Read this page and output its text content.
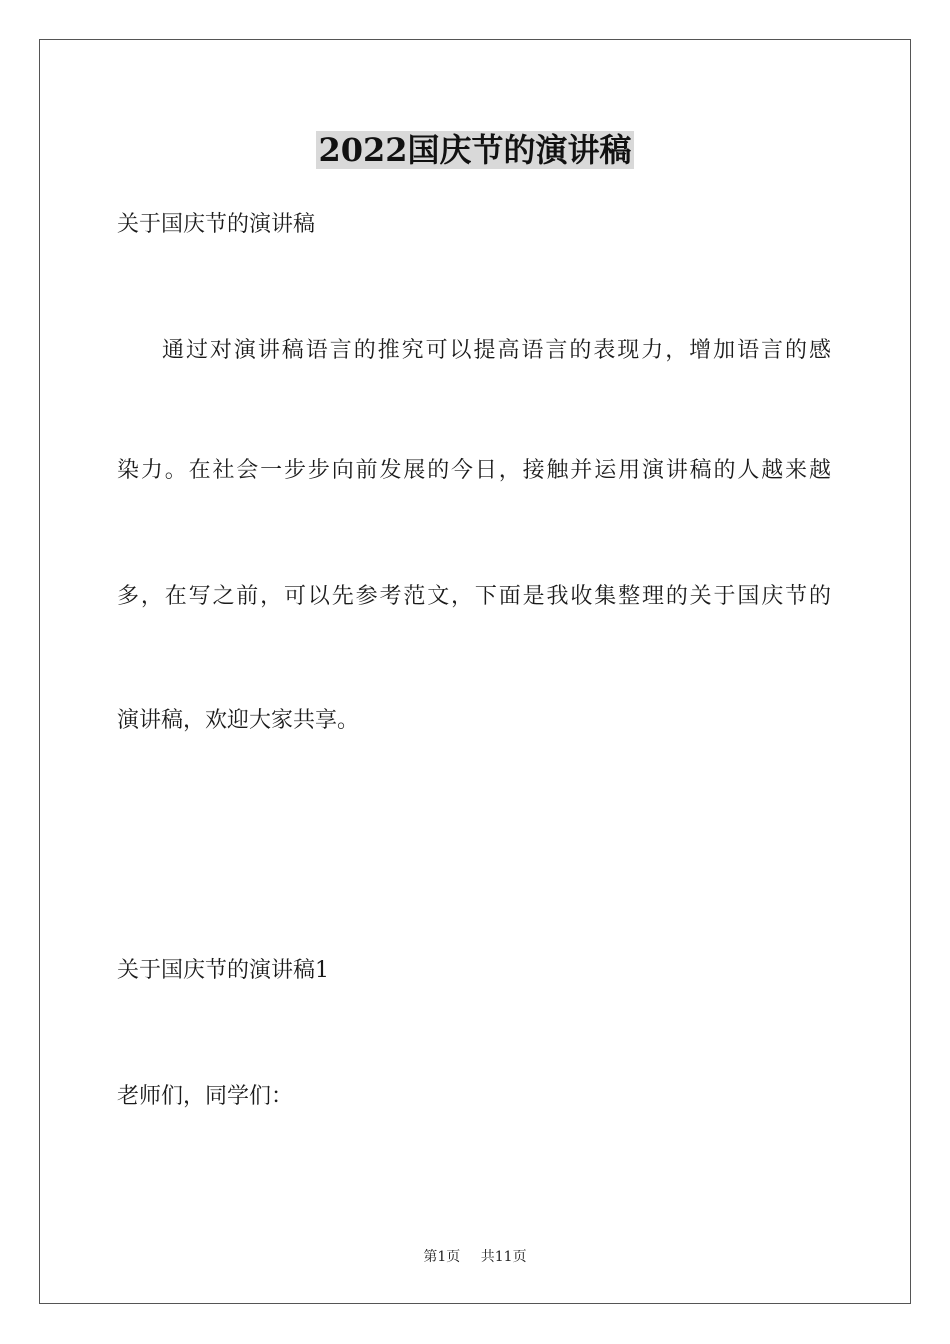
2022国庆节的演讲稿
关于国庆节的演讲稿
通过对演讲稿语言的推究可以提高语言的表现力，增加语言的感
染力。在社会一步步向前发展的今日，接触并运用演讲稿的人越来越
多，在写之前，可以先参考范文，下面是我收集整理的关于国庆节的
演讲稿，欢迎大家共享。
关于国庆节的演讲稿1
老师们，同学们：
第1页 共11页
